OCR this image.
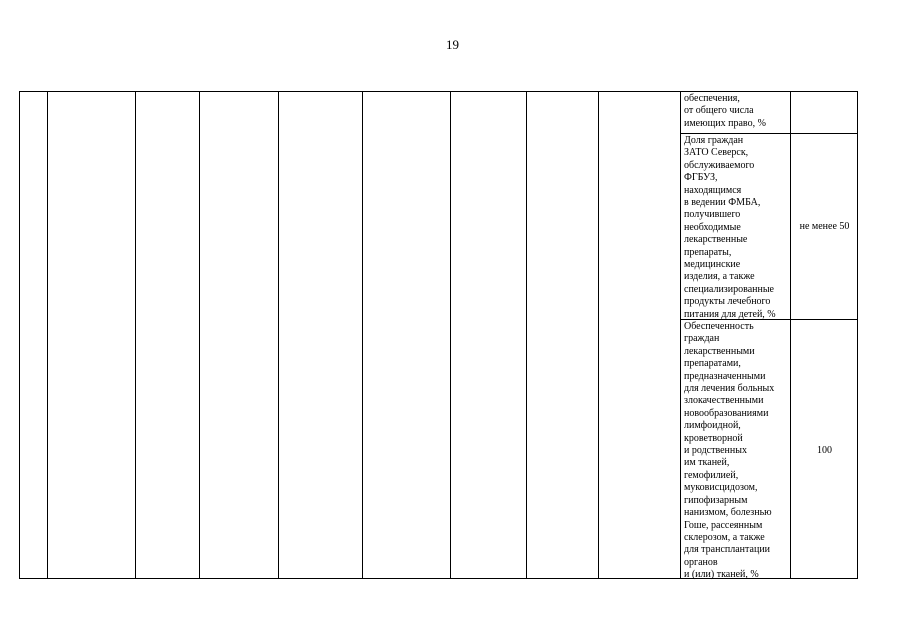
19
обеспечения,
от общего числа
имеющих право, %
Доля граждан
ЗАТО Северск,
обслуживаемого
ФГБУЗ,
находящимся
в ведении ФМБА,
получившего
необходимые
лекарственные
препараты,
медицинские
изделия, а также
специализированные
продукты лечебного
питания для детей, %
не менее 50
Обеспеченность
граждан
лекарственными
препаратами,
предназначенными
для лечения больных
злокачественными
новообразованиями
лимфоидной,
кроветворной
и родственных
им тканей,
гемофилией,
муковисцидозом,
гипофизарным
нанизмом, болезнью
Гоше, рассеянным
склерозом, а также
для трансплантации
органов
и (или) тканей, %
100
